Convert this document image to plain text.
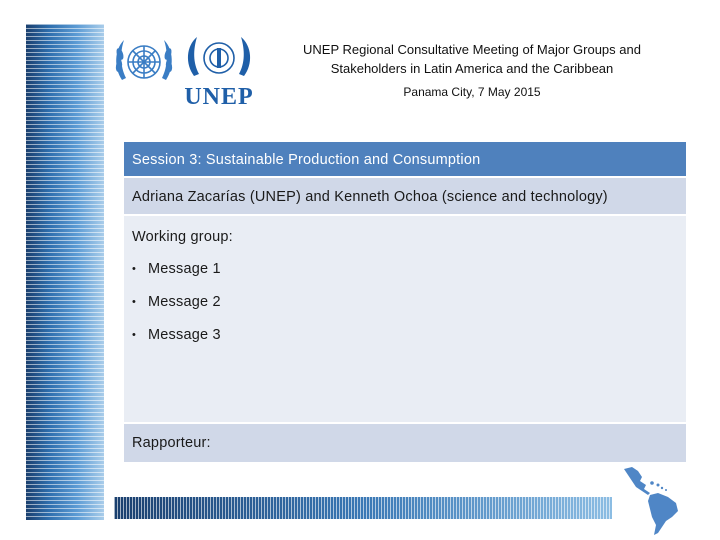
UNEP
UNEP Regional Consultative Meeting of Major Groups and
Stakeholders in Latin America and the Caribbean
Panama City, 7 May 2015
Session 3: Sustainable Production and Consumption
Adriana Zacarías (UNEP) and Kenneth Ochoa (science and technology)
Working group:
• Message 1
• Message 2
• Message 3
Rapporteur:
